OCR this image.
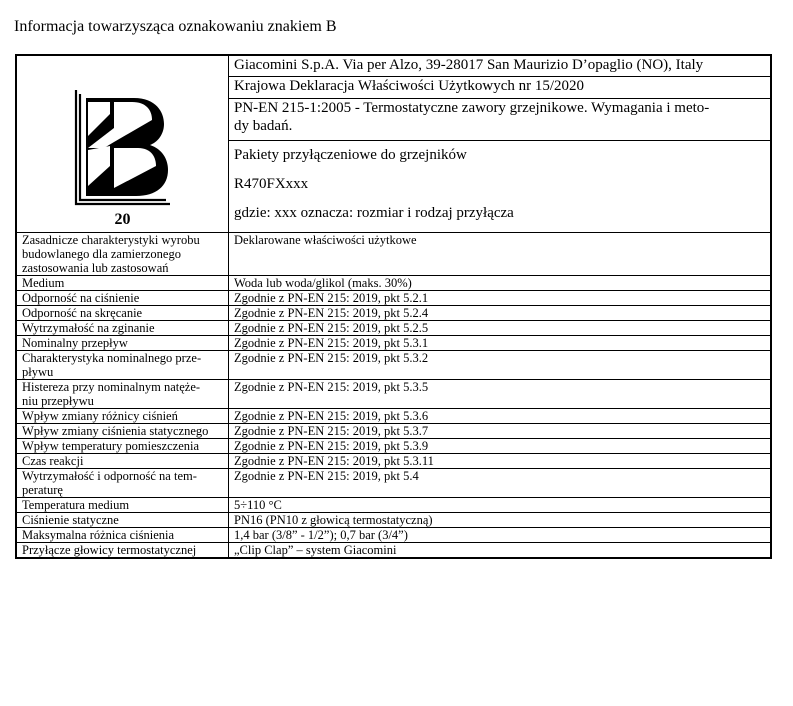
Informacja towarzysząca oznakowaniu znakiem B
20	Giacomini S.p.A. Via per Alzo, 39-28017 San Maurizio D’opaglio (NO), Italy
	Krajowa Deklaracja Właściwości Użytkowych nr 15/2020
	PN-EN 215-1:2005 - Termostatyczne zawory grzejnikowe. Wymagania i meto-
dy badań.

	Pakiety przyłączeniowe do grzejników
R470FXxxx
gdzie: xxx oznacza: rozmiar i rodzaj przyłącza

Zasadnicze charakterystyki wyrobu
budowlanego dla zamierzonego
zastosowania lub zastosowań	Deklarowane właściwości użytkowe
Medium	Woda lub woda/glikol (maks. 30%)
Odporność na ciśnienie	Zgodnie z PN-EN 215: 2019, pkt 5.2.1
Odporność na skręcanie	Zgodnie z PN-EN 215: 2019, pkt 5.2.4
Wytrzymałość na zginanie	Zgodnie z PN-EN 215: 2019, pkt 5.2.5
Nominalny przepływ	Zgodnie z PN-EN 215: 2019, pkt 5.3.1
Charakterystyka nominalnego prze-
pływu	Zgodnie z PN-EN 215: 2019, pkt 5.3.2
Histereza przy nominalnym natęże-
niu przepływu	Zgodnie z PN-EN 215: 2019, pkt 5.3.5
Wpływ zmiany różnicy ciśnień	Zgodnie z PN-EN 215: 2019, pkt 5.3.6
Wpływ zmiany ciśnienia statycznego	Zgodnie z PN-EN 215: 2019, pkt 5.3.7
Wpływ temperatury pomieszczenia	Zgodnie z PN-EN 215: 2019, pkt 5.3.9
Czas reakcji	Zgodnie z PN-EN 215: 2019, pkt 5.3.11
Wytrzymałość i odporność na tem-
peraturę	Zgodnie z PN-EN 215: 2019, pkt 5.4
Temperatura medium	5÷110 °C
Ciśnienie statyczne	PN16 (PN10 z głowicą termostatyczną)
Maksymalna różnica ciśnienia	1,4 bar (3/8” - 1/2”); 0,7 bar (3/4”)
Przyłącze głowicy termostatycznej	„Clip Clap” – system Giacomini
